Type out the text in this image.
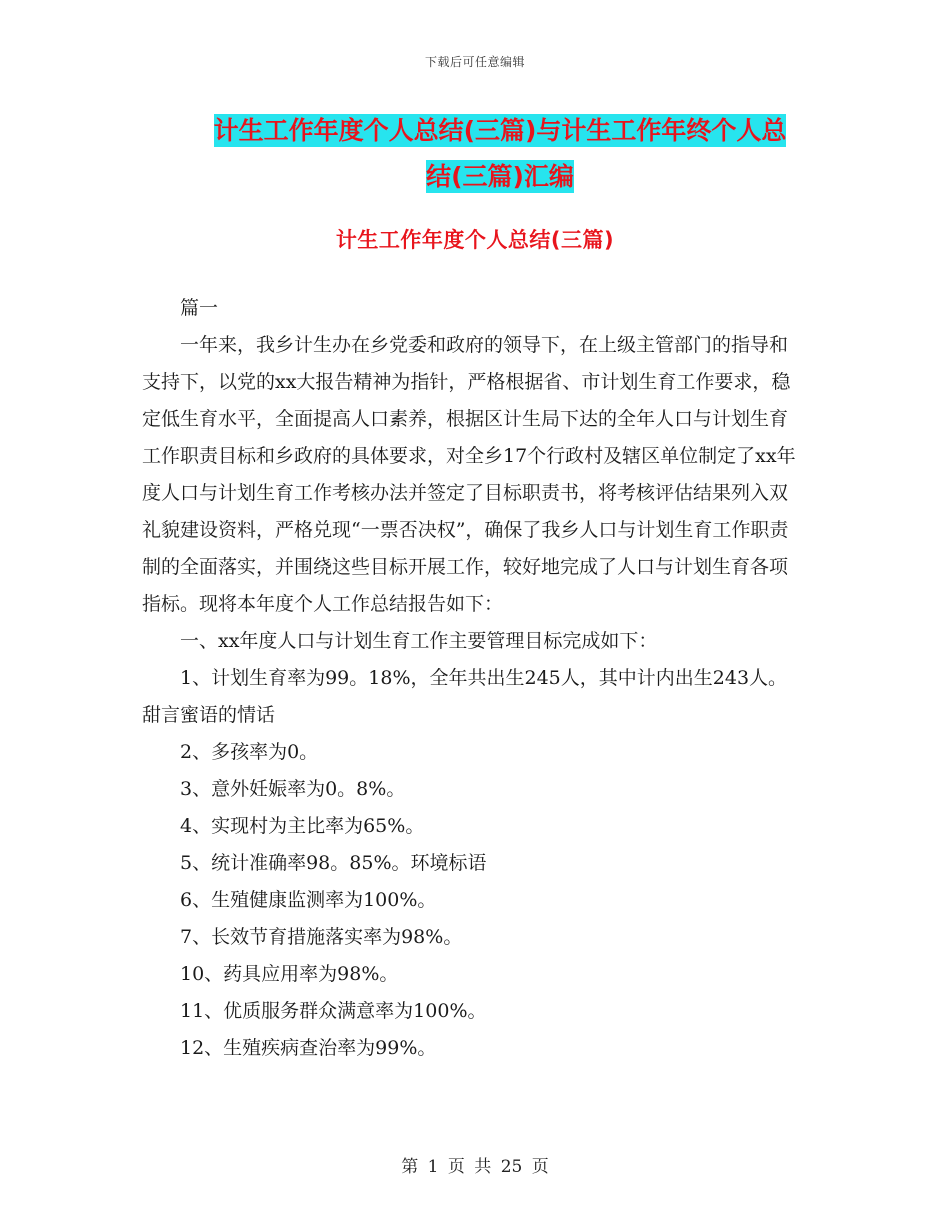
下载后可任意编辑
计生工作年度个人总结(三篇)与计生工作年终个人总
结(三篇)汇编
计生工作年度个人总结(三篇)

篇一

一年来，我乡计生办在乡党委和政府的领导下，在上级主管部门的指导和支持下，以党的xx大报告精神为指针，严格根据省、市计划生育工作要求，稳定低生育水平，全面提高人口素养，根据区计生局下达的全年人口与计划生育工作职责目标和乡政府的具体要求，对全乡17个行政村及辖区单位制定了xx年度人口与计划生育工作考核办法并签定了目标职责书，将考核评估结果列入双礼貌建设资料，严格兑现“一票否决权”，确保了我乡人口与计划生育工作职责制的全面落实，并围绕这些目标开展工作，较好地完成了人口与计划生育各项指标。现将本年度个人工作总结报告如下：

一、xx年度人口与计划生育工作主要管理目标完成如下：

1、计划生育率为99。18%，全年共出生245人，其中计内出生243人。甜言蜜语的情话

2、多孩率为0。

3、意外妊娠率为0。8%。

4、实现村为主比率为65%。

5、统计准确率98。85%。环境标语

6、生殖健康监测率为100%。

7、长效节育措施落实率为98%。

10、药具应用率为98%。

11、优质服务群众满意率为100%。

12、生殖疾病查治率为99%。

第 1 页 共 25 页
